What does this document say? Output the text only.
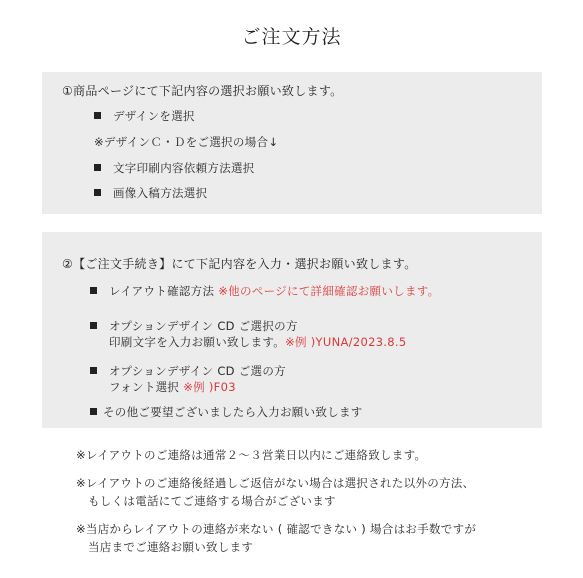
ご注文方法
①商品ページにて下記内容の選択お願い致します。
デザインを選択
※デザインＣ・Ｄをご選択の場合↓
文字印刷内容依頼方法選択
画像入稿方法選択
②【ご注文手続き】にて下記内容を入力・選択お願い致します。
レイアウト確認方法 ※他のページにて詳細確認お願いします。
オプションデザイン CD ご選択の方
印刷文字を入力お願い致します。※例 )YUNA/2023.8.5
オプションデザイン CD ご選の方
フォント選択 ※例 )F03
その他ご要望ございましたら入力お願い致します
※レイアウトのご連絡は通常２～３営業日以内にご連絡致します。
※レイアウトのご連絡後経過しご返信がない場合は選択された以外の方法、
もしくは電話にてご連絡する場合がございます
※当店からレイアウトの連絡が来ない ( 確認できない ) 場合はお手数ですが
当店までご連絡お願い致します
